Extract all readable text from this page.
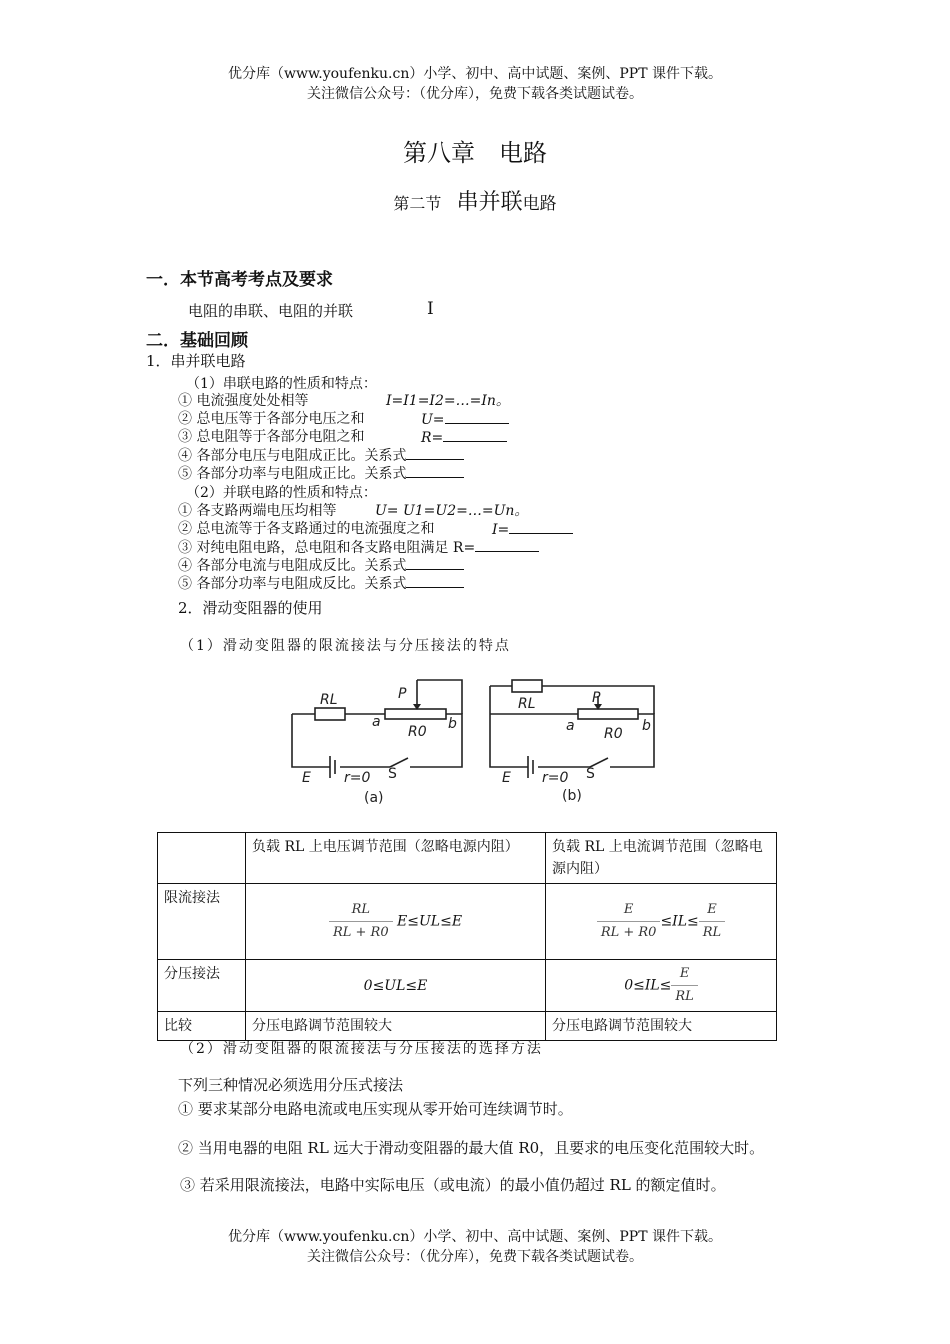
优分库（www.youfenku.cn）小学、初中、高中试题、案例、PPT 课件下载。
关注微信公众号：（优分库），免费下载各类试题试卷。
第八章　电路
第二节 串并联电路
一．本节高考考点及要求
电阻的串联、电阻的并联	Ⅰ
二．基础回顾
1．串并联电路
（1）串联电路的性质和特点：
① 电流强度处处相等	I=I1=I2=…=In。
② 总电压等于各部分电压之和	U=
③ 总电阻等于各部分电阻之和	R=
④ 各部分电压与电阻成正比。关系式
⑤ 各部分功率与电阻成正比。关系式
（2）并联电路的性质和特点：
① 各支路两端电压均相等	U= U1=U2=…=Un。
② 总电流等于各支路通过的电流强度之和	I=
③ 对纯电阻电路，总电阻和各支路电阻满足 R=
④ 各部分电流与电阻成反比。关系式
⑤ 各部分功率与电阻成反比。关系式
2．滑动变阻器的使用
（1）滑动变阻器的限流接法与分压接法的特点
RL	P
a	b
R0
E r=0 S
(a)
RL	P
a	b
R0
E r=0 S
(b)
	负载 RL 上电压调节范围（忽略电源内阻）	负载 RL 上电流调节范围（忽略电源内阻）
限流接法	$\frac{RL}{RL + R0} E\le UL\le E$	$\frac{E}{RL + R0} \le IL\le \frac{E}{RL}$

分压接法	0≤UL≤E	$0\le IL\le \frac{E}{RL}$

比较	分压电路调节范围较大	分压电路调节范围较大
（2）滑动变阻器的限流接法与分压接法的选择方法
下列三种情况必须选用分压式接法
① 要求某部分电路电流或电压实现从零开始可连续调节时。
② 当用电器的电阻 RL 远大于滑动变阻器的最大值 R0，且要求的电压变化范围较大时。
③ 若采用限流接法，电路中实际电压（或电流）的最小值仍超过 RL 的额定值时。
优分库（www.youfenku.cn）小学、初中、高中试题、案例、PPT 课件下载。
关注微信公众号：（优分库），免费下载各类试题试卷。
